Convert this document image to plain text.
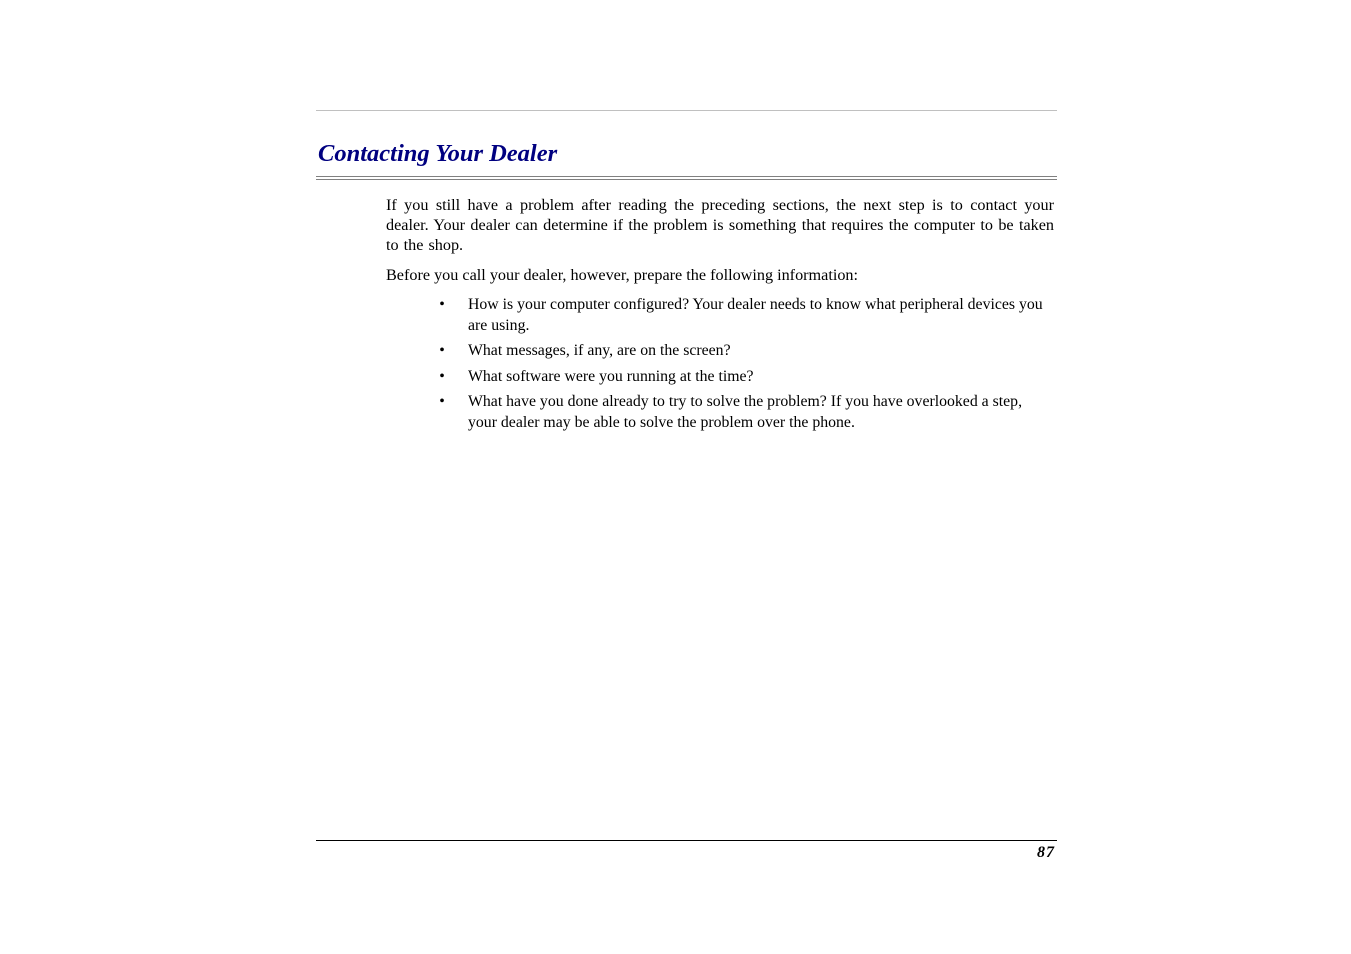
Contacting Your Dealer

If you still have a problem after reading the preceding sections, the next step is to contact your dealer. Your dealer can determine if the problem is something that requires the computer to be taken to the shop.

Before you call your dealer, however, prepare the following information:

• How is your computer configured? Your dealer needs to know what peripheral devices you are using.
• What messages, if any, are on the screen?
• What software were you running at the time?
• What have you done already to try to solve the problem? If you have overlooked a step, your dealer may be able to solve the problem over the phone.
87
